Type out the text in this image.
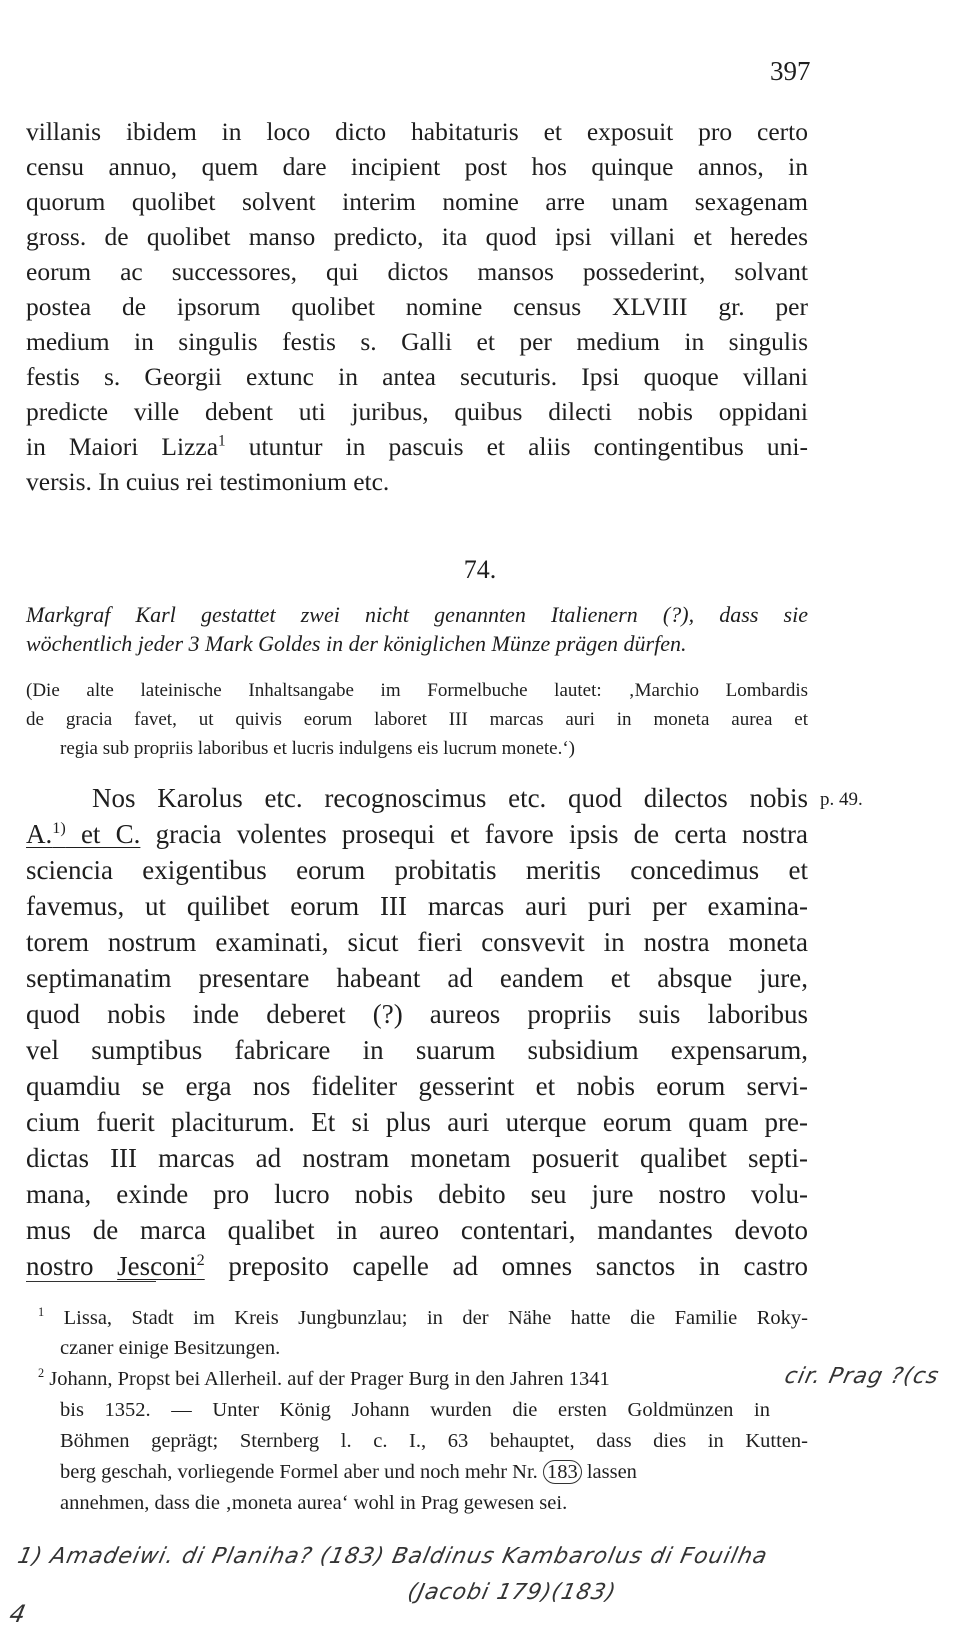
397
villanis ibidem in loco dicto habitaturis et exposuit pro certo
censu annuo, quem dare incipient post hos quinque annos, in
quorum quolibet solvent interim nomine arre unam sexagenam
gross. de quolibet manso predicto, ita quod ipsi villani et heredes
eorum ac successores, qui dictos mansos possederint, solvant
postea de ipsorum quolibet nomine census XLVIII gr. per
medium in singulis festis s. Galli et per medium in singulis
festis s. Georgii extunc in antea secuturis. Ipsi quoque villani
predicte ville debent uti juribus, quibus dilecti nobis oppidani
in Maiori Lizza$^1$ utuntur in pascuis et aliis contingentibus uni-
versis. In cuius rei testimonium etc.
74.
Markgraf Karl gestattet zwei nicht genannten Italienern (?), dass sie
wöchentlich jeder 3 Mark Goldes in der königlichen Münze prägen dürfen.
(Die alte lateinische Inhaltsangabe im Formelbuche lautet: ‚Marchio Lombardis
de gracia favet, ut quivis eorum laboret III marcas auri in moneta aurea et
regia sub propriis laboribus et lucris indulgens eis lucrum monete.‘)
p. 49.
Nos Karolus etc. recognoscimus etc. quod dilectos nobis
A.$^{1)}$ et C. gracia volentes prosequi et favore ipsis de certa nostra
sciencia exigentibus eorum probitatis meritis concedimus et
favemus, ut quilibet eorum III marcas auri puri per examina-
torem nostrum examinati, sicut fieri consvevit in nostra moneta
septimanatim presentare habeant ad eandem et absque jure,
quod nobis inde deberet (?) aureos propriis suis laboribus
vel sumptibus fabricare in suarum subsidium expensarum,
quamdiu se erga nos fideliter gesserint et nobis eorum servi-
cium fuerit placiturum. Et si plus auri uterque eorum quam pre-
dictas III marcas ad nostram monetam posuerit qualibet septi-
mana, exinde pro lucro nobis debito seu jure nostro volu-
mus de marca qualibet in aureo contentari, mandantes devoto
nostro Jesconi$^2$ preposito capelle ad omnes sanctos in castro
$^1$ Lissa, Stadt im Kreis Jungbunzlau; in der Nähe hatte die Familie Roky-
czaner einige Besitzungen.
$^2$ Johann, Propst bei Allerheil. auf der Prager Burg in den Jahren 1341
bis 1352. — Unter König Johann wurden die ersten Goldmünzen in
Böhmen geprägt; Sternberg l. c. I., 63 behauptet, dass dies in Kutten-
berg geschah, vorliegende Formel aber und noch mehr Nr. 183 lassen
annehmen, dass die ‚moneta aurea‘ wohl in Prag gewesen sei.
cir. Prag ?(cs
1) Amadeiwi. di Planiha? (183) Baldinus Kambarolus di Fouilha
(Jacobi 179)(183)
4
